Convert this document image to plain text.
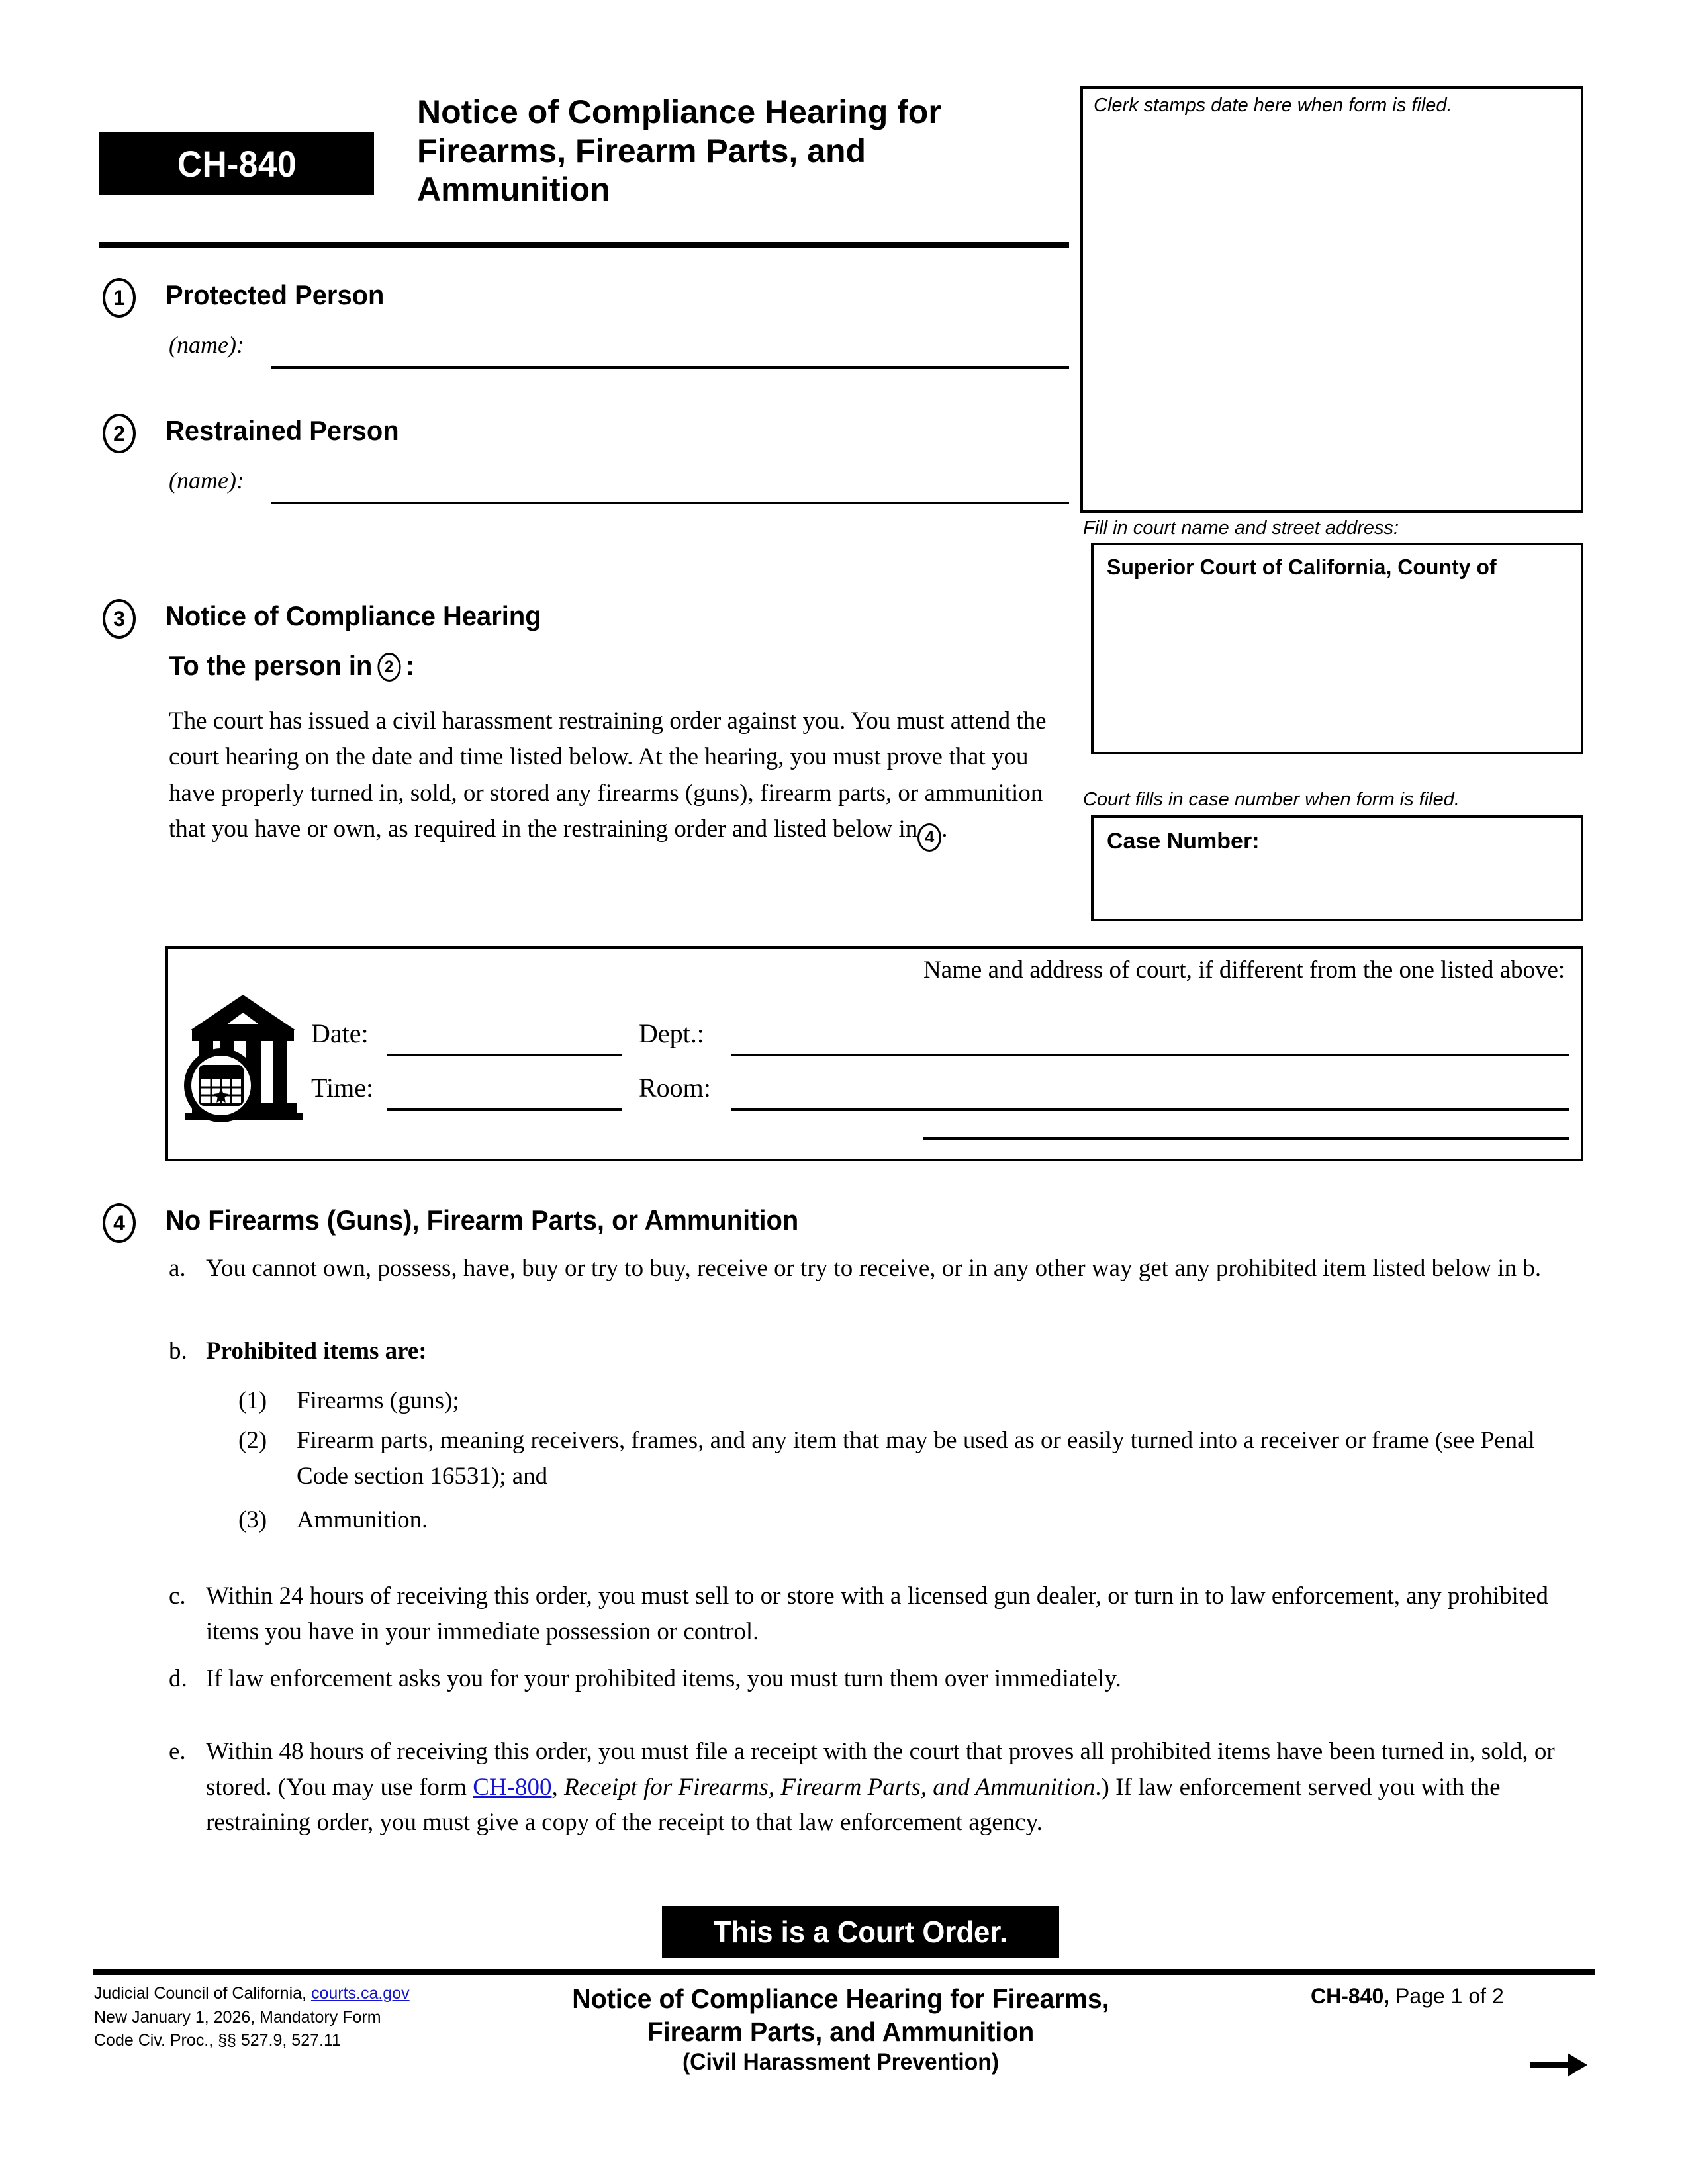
CH-840
Notice of Compliance Hearing for
Firearms, Firearm Parts, and
Ammunition
Clerk stamps date here when form is filed.
Fill in court name and street address:
Superior Court of California, County of
Court fills in case number when form is filed.
Case Number:
1	Protected Person
(name):
2	Restrained Person
(name):
3	Notice of Compliance Hearing
To the person in 2 :
The court has issued a civil harassment restraining order against you. You must attend the court hearing on the date and time listed below. At the hearing, you must prove that you have properly turned in, sold, or stored any firearms (guns), firearm parts, or ammunition that you have or own, as required in the restraining order and listed below in 4 .
Date:
Time:
Dept.:
Room:
Name and address of court, if different from the one listed above:
4	No Firearms (Guns), Firearm Parts, or Ammunition
a. You cannot own, possess, have, buy or try to buy, receive or try to receive, or in any other way get any prohibited item listed below in b.
b. Prohibited items are:
(1)	Firearms (guns);
(2)	Firearm parts, meaning receivers, frames, and any item that may be used as or easily turned into a receiver or frame (see Penal Code section 16531); and
(3)	Ammunition.
c. Within 24 hours of receiving this order, you must sell to or store with a licensed gun dealer, or turn in to law enforcement, any prohibited items you have in your immediate possession or control.
d. If law enforcement asks you for your prohibited items, you must turn them over immediately.
e. Within 48 hours of receiving this order, you must file a receipt with the court that proves all prohibited items have been turned in, sold, or stored. (You may use form CH-800, Receipt for Firearms, Firearm Parts, and Ammunition.) If law enforcement served you with the restraining order, you must give a copy of the receipt to that law enforcement agency.
This is a Court Order.
Judicial Council of California, courts.ca.gov
New January 1, 2026, Mandatory Form
Code Civ. Proc., §§ 527.9, 527.11
Notice of Compliance Hearing for Firearms,
Firearm Parts, and Ammunition
(Civil Harassment Prevention)
CH-840, Page 1 of 2
